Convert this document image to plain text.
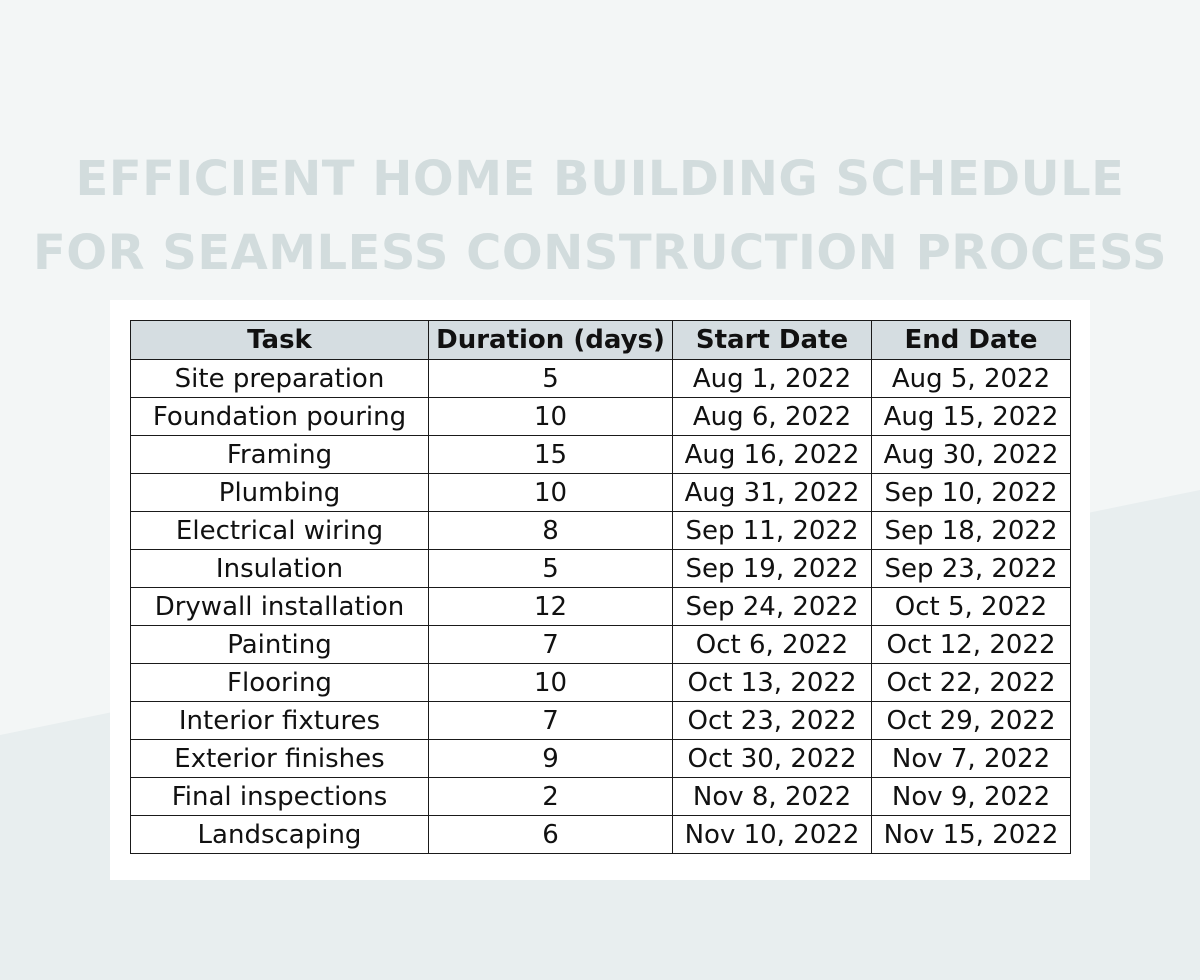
EFFICIENT HOME BUILDING SCHEDULE
FOR SEAMLESS CONSTRUCTION PROCESS
Task	Duration (days)	Start Date	End Date
Site preparation	5	Aug 1, 2022	Aug 5, 2022
Foundation pouring	10	Aug 6, 2022	Aug 15, 2022
Framing	15	Aug 16, 2022	Aug 30, 2022
Plumbing	10	Aug 31, 2022	Sep 10, 2022
Electrical wiring	8	Sep 11, 2022	Sep 18, 2022
Insulation	5	Sep 19, 2022	Sep 23, 2022
Drywall installation	12	Sep 24, 2022	Oct 5, 2022
Painting	7	Oct 6, 2022	Oct 12, 2022
Flooring	10	Oct 13, 2022	Oct 22, 2022
Interior fixtures	7	Oct 23, 2022	Oct 29, 2022
Exterior finishes	9	Oct 30, 2022	Nov 7, 2022
Final inspections	2	Nov 8, 2022	Nov 9, 2022
Landscaping	6	Nov 10, 2022	Nov 15, 2022
